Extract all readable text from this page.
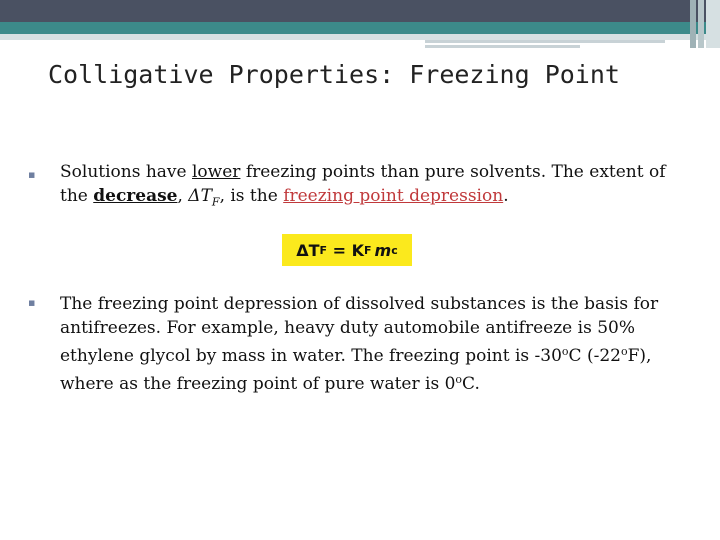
Colligative Properties: Freezing Point
▪ Solutions have lower freezing points than pure solvents. The extent of the decrease, $\Delta T_F$, is the freezing point depression.
ΔT F = K F m c
▪ The freezing point depression of dissolved substances is the basis for antifreezes. For example, heavy duty automobile antifreeze is 50% ethylene glycol by mass in water. The freezing point is -30$^o$C (-22$^o$F), where as the freezing point of pure water is 0$^o$C.
